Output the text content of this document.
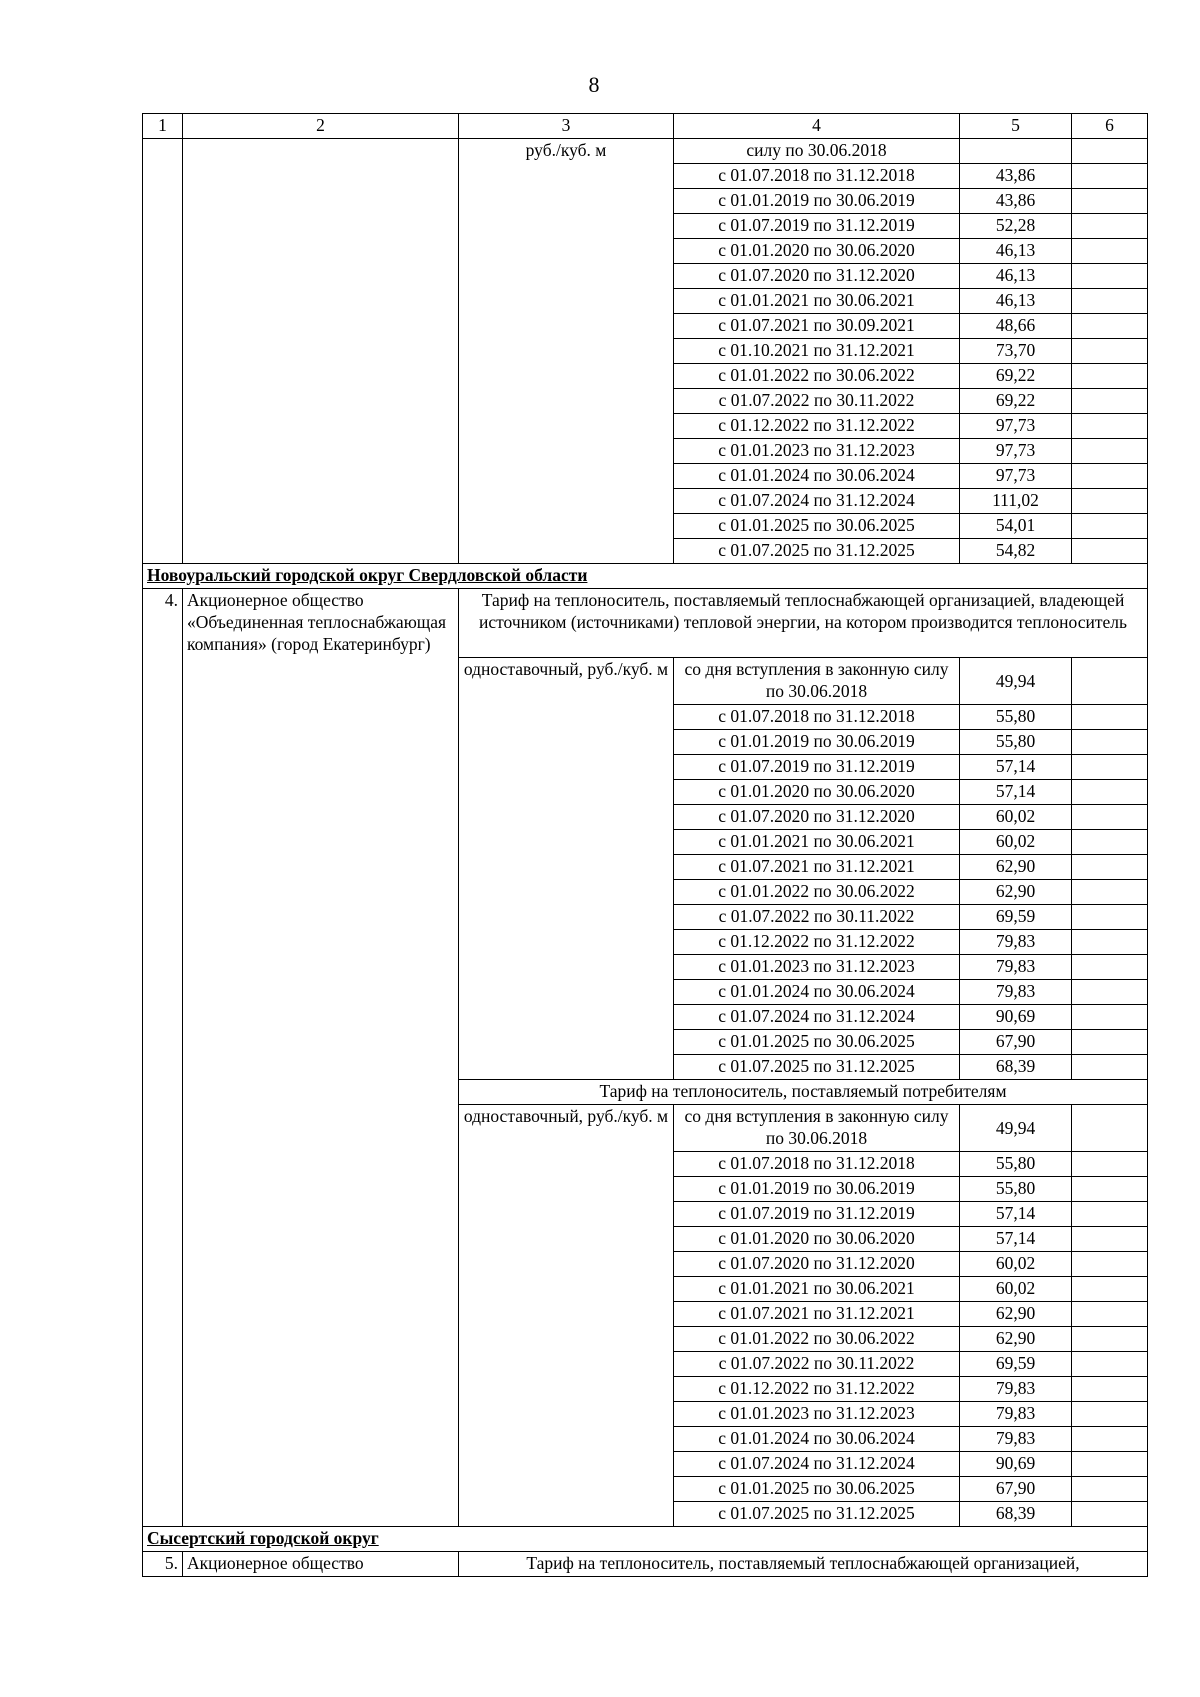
8
1	2	3	4	5	6
		руб./куб. м	силу по 30.06.2018		
			с 01.07.2018 по 31.12.2018	43,86	
			с 01.01.2019 по 30.06.2019	43,86	
			с 01.07.2019 по 31.12.2019	52,28	
			с 01.01.2020 по 30.06.2020	46,13	
			с 01.07.2020 по 31.12.2020	46,13	
			с 01.01.2021 по 30.06.2021	46,13	
			с 01.07.2021 по 30.09.2021	48,66	
			с 01.10.2021 по 31.12.2021	73,70	
			с 01.01.2022 по 30.06.2022	69,22	
			с 01.07.2022 по 30.11.2022	69,22	
			с 01.12.2022 по 31.12.2022	97,73	
			с 01.01.2023 по 31.12.2023	97,73	
			с 01.01.2024 по 30.06.2024	97,73	
			с 01.07.2024 по 31.12.2024	111,02	
			с 01.01.2025 по 30.06.2025	54,01	
			с 01.07.2025 по 31.12.2025	54,82	
Новоуральский городской округ Свердловской области					
4.	Акционерное общество «Объединенная теплоснабжающая компания» (город Екатеринбург)	Тариф на теплоноситель, поставляемый теплоснабжающей организацией, владеющей источником (источниками) тепловой энергии, на котором производится теплоноситель			
		одноставочный, руб./куб. м	со дня вступления в законную силу по 30.06.2018	49,94	
			с 01.07.2018 по 31.12.2018	55,80	
			с 01.01.2019 по 30.06.2019	55,80	
			с 01.07.2019 по 31.12.2019	57,14	
			с 01.01.2020 по 30.06.2020	57,14	
			с 01.07.2020 по 31.12.2020	60,02	
			с 01.01.2021 по 30.06.2021	60,02	
			с 01.07.2021 по 31.12.2021	62,90	
			с 01.01.2022 по 30.06.2022	62,90	
			с 01.07.2022 по 30.11.2022	69,59	
			с 01.12.2022 по 31.12.2022	79,83	
			с 01.01.2023 по 31.12.2023	79,83	
			с 01.01.2024 по 30.06.2024	79,83	
			с 01.07.2024 по 31.12.2024	90,69	
			с 01.01.2025 по 30.06.2025	67,90	
			с 01.07.2025 по 31.12.2025	68,39	
		Тариф на теплоноситель, поставляемый потребителям			
		одноставочный, руб./куб. м	со дня вступления в законную силу по 30.06.2018	49,94	
			с 01.07.2018 по 31.12.2018	55,80	
			с 01.01.2019 по 30.06.2019	55,80	
			с 01.07.2019 по 31.12.2019	57,14	
			с 01.01.2020 по 30.06.2020	57,14	
			с 01.07.2020 по 31.12.2020	60,02	
			с 01.01.2021 по 30.06.2021	60,02	
			с 01.07.2021 по 31.12.2021	62,90	
			с 01.01.2022 по 30.06.2022	62,90	
			с 01.07.2022 по 30.11.2022	69,59	
			с 01.12.2022 по 31.12.2022	79,83	
			с 01.01.2023 по 31.12.2023	79,83	
			с 01.01.2024 по 30.06.2024	79,83	
			с 01.07.2024 по 31.12.2024	90,69	
			с 01.01.2025 по 30.06.2025	67,90	
			с 01.07.2025 по 31.12.2025	68,39	
Сысертский городской округ					
5.	Акционерное общество	Тариф на теплоноситель, поставляемый теплоснабжающей организацией,			
